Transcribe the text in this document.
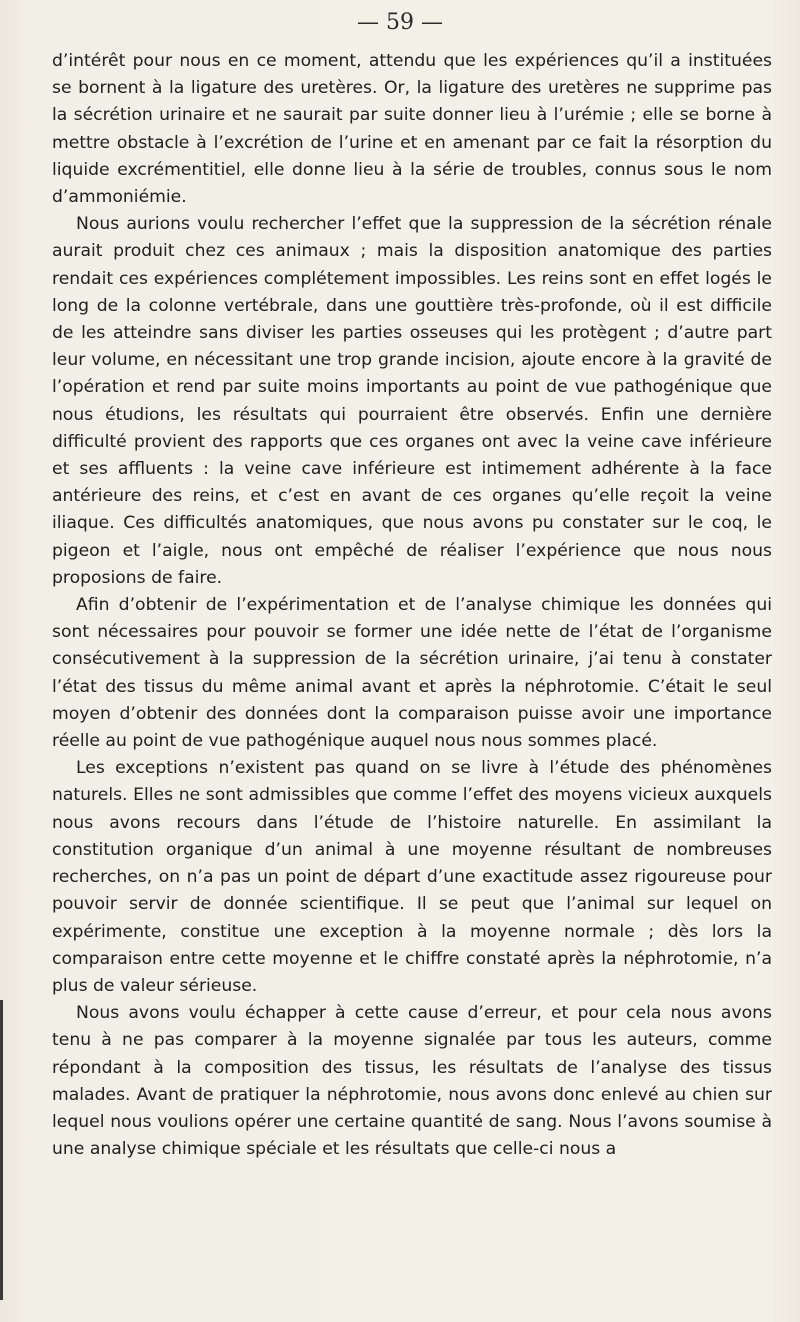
— 59 —

d’intérêt pour nous en ce moment, attendu que les expériences qu’il a instituées se bornent à la ligature des uretères. Or, la ligature des uretères ne supprime pas la sécrétion urinaire et ne saurait par suite donner lieu à l’urémie ; elle se borne à mettre obstacle à l’excrétion de l’urine et en amenant par ce fait la résorption du liquide excrémentitiel, elle donne lieu à la série de troubles, connus sous le nom d’ammoniémie.

Nous aurions voulu rechercher l’effet que la suppression de la sécrétion rénale aurait produit chez ces animaux ; mais la disposition anatomique des parties rendait ces expériences complétement impossibles. Les reins sont en effet logés le long de la colonne vertébrale, dans une gouttière très-profonde, où il est difficile de les atteindre sans diviser les parties osseuses qui les protègent ; d’autre part leur volume, en nécessitant une trop grande incision, ajoute encore à la gravité de l’opération et rend par suite moins importants au point de vue pathogénique que nous étudions, les résultats qui pourraient être observés. Enfin une dernière difficulté provient des rapports que ces organes ont avec la veine cave inférieure et ses affluents : la veine cave inférieure est intimement adhérente à la face antérieure des reins, et c’est en avant de ces organes qu’elle reçoit la veine iliaque. Ces difficultés anatomiques, que nous avons pu constater sur le coq, le pigeon et l’aigle, nous ont empêché de réaliser l’expérience que nous nous proposions de faire.

Afin d’obtenir de l’expérimentation et de l’analyse chimique les données qui sont nécessaires pour pouvoir se former une idée nette de l’état de l’organisme consécutivement à la suppression de la sécrétion urinaire, j’ai tenu à constater l’état des tissus du même animal avant et après la néphrotomie. C’était le seul moyen d’obtenir des données dont la comparaison puisse avoir une importance réelle au point de vue pathogénique auquel nous nous sommes placé.

Les exceptions n’existent pas quand on se livre à l’étude des phénomènes naturels. Elles ne sont admissibles que comme l’effet des moyens vicieux auxquels nous avons recours dans l’étude de l’histoire naturelle. En assimilant la constitution organique d’un animal à une moyenne résultant de nombreuses recherches, on n’a pas un point de départ d’une exactitude assez rigoureuse pour pouvoir servir de donnée scientifique. Il se peut que l’animal sur lequel on expérimente, constitue une exception à la moyenne normale ; dès lors la comparaison entre cette moyenne et le chiffre constaté après la néphrotomie, n’a plus de valeur sérieuse.

Nous avons voulu échapper à cette cause d’erreur, et pour cela nous avons tenu à ne pas comparer à la moyenne signalée par tous les auteurs, comme répondant à la composition des tissus, les résultats de l’analyse des tissus malades. Avant de pratiquer la néphrotomie, nous avons donc enlevé au chien sur lequel nous voulions opérer une certaine quantité de sang. Nous l’avons soumise à une analyse chimique spéciale et les résultats que celle-ci nous a
